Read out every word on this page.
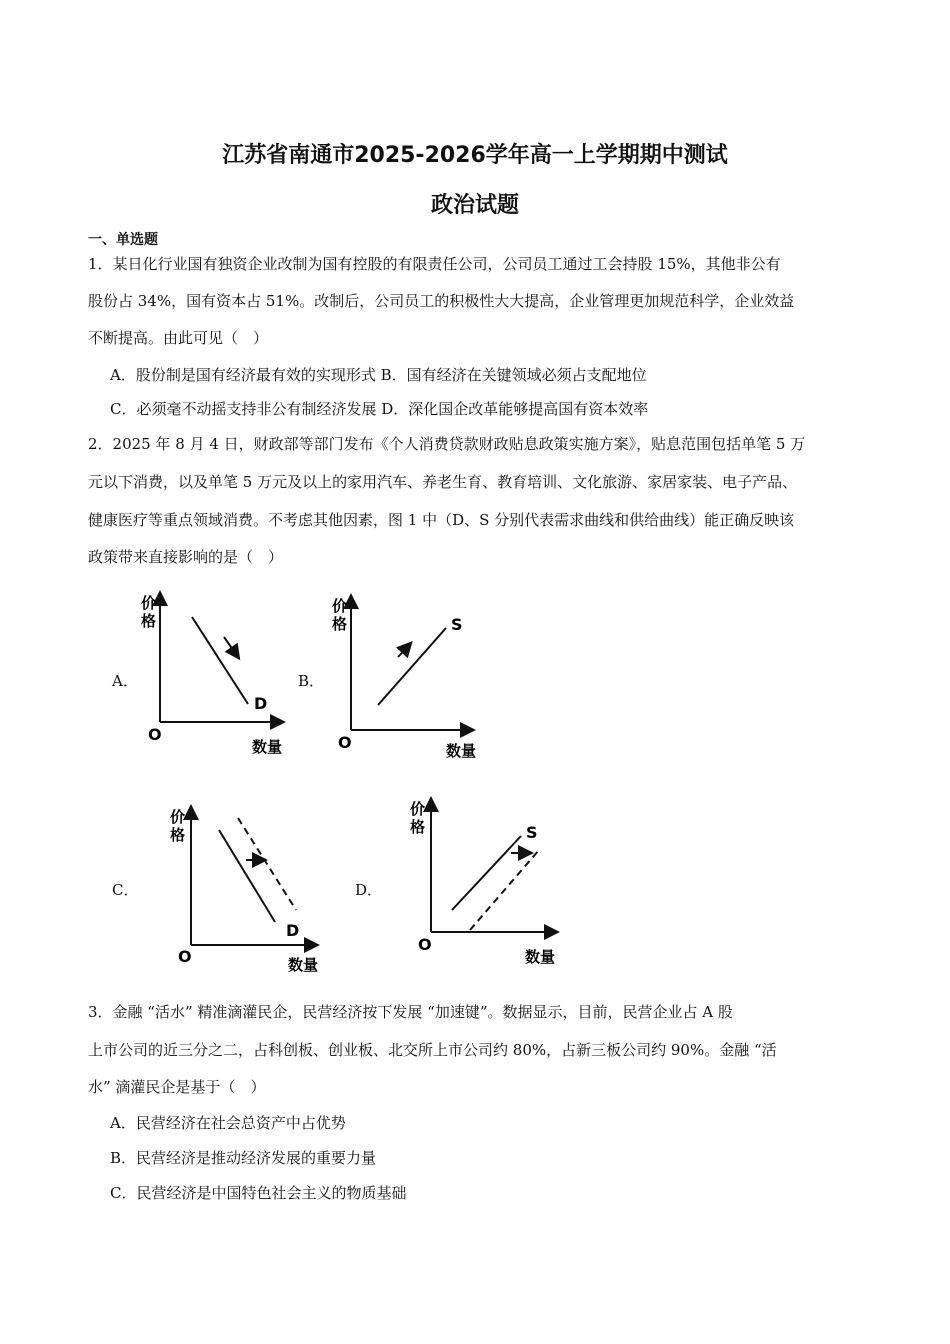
江苏省南通市2025-2026学年高一上学期期中测试
政治试题
一、单选题
1．某日化行业国有独资企业改制为国有控股的有限责任公司，公司员工通过工会持股 15%，其他非公有
股份占 34%，国有资本占 51%。改制后，公司员工的积极性大大提高，企业管理更加规范科学，企业效益
不断提高。由此可见（　）
A．股份制是国有经济最有效的实现形式 B．国有经济在关键领域必须占支配地位
C．必须毫不动摇支持非公有制经济发展 D．深化国企改革能够提高国有资本效率
2．2025 年 8 月 4 日，财政部等部门发布《个人消费贷款财政贴息政策实施方案》，贴息范围包括单笔 5 万
元以下消费，以及单笔 5 万元及以上的家用汽车、养老生育、教育培训、文化旅游、家居家装、电子产品、
健康医疗等重点领域消费。不考虑其他因素，图 1 中（D、S 分别代表需求曲线和供给曲线）能正确反映该
政策带来直接影响的是（　）
A．	B．
C．	D．
价
格
O
数量
D
价
格
O	数量
S
价
格
O	数量
D
价
格
O
数量
S
3．金融 “活水” 精准滴灌民企，民营经济按下发展 “加速键”。数据显示，目前，民营企业占 A 股
上市公司的近三分之二，占科创板、创业板、北交所上市公司约 80%，占新三板公司约 90%。金融 “活
水” 滴灌民企是基于（　）
A．民营经济在社会总资产中占优势
B．民营经济是推动经济发展的重要力量
C．民营经济是中国特色社会主义的物质基础
